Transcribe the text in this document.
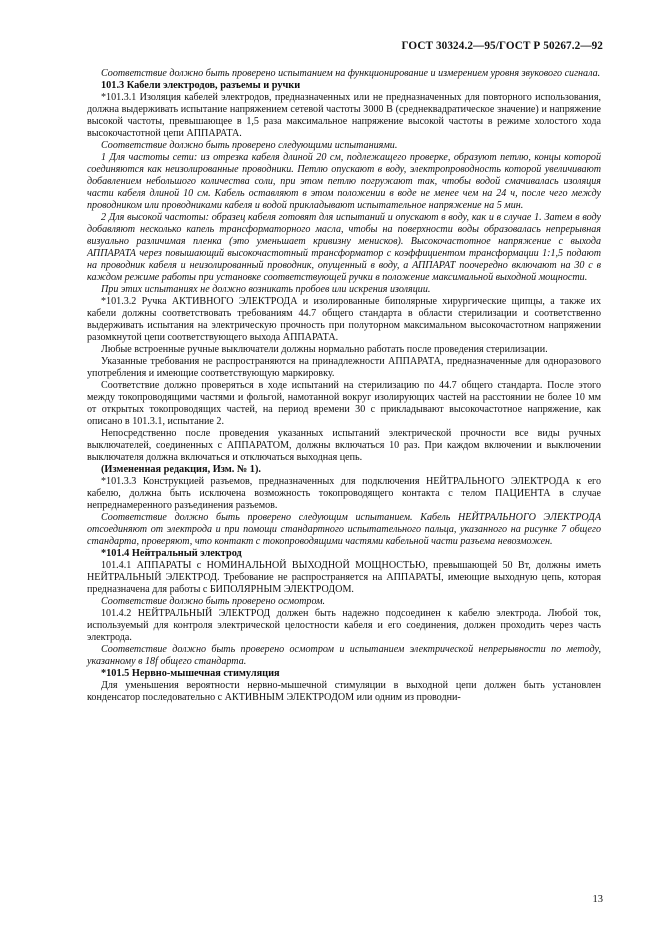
ГОСТ 30324.2—95/ГОСТ Р 50267.2—92

Соответствие должно быть проверено испытанием на функционирование и измерением уровня звукового сигнала.

101.3 Кабели электродов, разъемы и ручки

*101.3.1 Изоляция кабелей электродов, предназначенных или не предназначенных для повторного использования, должна выдерживать испытание напряжением сетевой частоты 3000 В (среднеквадратическое значение) и напряжение высокой частоты, превышающее в 1,5 раза максимальное напряжение высокой частоты в режиме холостого хода высокочастотной цепи АППАРАТА.

Соответствие должно быть проверено следующими испытаниями.

1 Для частоты сети: из отрезка кабеля длиной 20 см, подлежащего проверке, образуют петлю, концы которой соединяются как неизолированные проводники. Петлю опускают в воду, электропроводность которой увеличивают добавлением небольшого количества соли, при этом петлю погружают так, чтобы водой смачивалась изоляция части кабеля длиной 10 см. Кабель оставляют в этом положении в воде не менее чем на 24 ч, после чего между проводником или проводниками кабеля и водой прикладывают испытательное напряжение на 5 мин.

2 Для высокой частоты: образец кабеля готовят для испытаний и опускают в воду, как и в случае 1. Затем в воду добавляют несколько капель трансформаторного масла, чтобы на поверхности воды образовалась непрерывная визуально различимая пленка (это уменьшает кривизну менисков). Высокочастотное напряжение с выхода АППАРАТА через повышающий высокочастотный трансформатор с коэффициентом трансформации 1:1,5 подают на проводник кабеля и неизолированный проводник, опущенный в воду, а АППАРАТ поочередно включают на 30 с в каждом режиме работы при установке соответствующей ручки в положение максимальной выходной мощности.

При этих испытаниях не должно возникать пробоев или искрения изоляции.

*101.3.2 Ручка АКТИВНОГО ЭЛЕКТРОДА и изолированные биполярные хирургические щипцы, а также их кабели должны соответствовать требованиям 44.7 общего стандарта в области стерилизации и соответственно выдерживать испытания на электрическую прочность при полуторном максимальном высокочастотном напряжении разомкнутой цепи соответствующего выхода АППАРАТА.

Любые встроенные ручные выключатели должны нормально работать после проведения стерилизации.

Указанные требования не распространяются на принадлежности АППАРАТА, предназначенные для одноразового употребления и имеющие соответствующую маркировку.

Соответствие должно проверяться в ходе испытаний на стерилизацию по 44.7 общего стандарта. После этого между токопроводящими частями и фольгой, намотанной вокруг изолирующих частей на расстоянии не более 10 мм от открытых токопроводящих частей, на период времени 30 с прикладывают высокочастотное напряжение, как описано в 101.3.1, испытание 2.

Непосредственно после проведения указанных испытаний электрической прочности все виды ручных выключателей, соединенных с АППАРАТОМ, должны включаться 10 раз. При каждом включении и выключении выключателя должна включаться и отключаться выходная цепь.

(Измененная редакция, Изм. № 1).

*101.3.3 Конструкцией разъемов, предназначенных для подключения НЕЙТРАЛЬНОГО ЭЛЕКТРОДА к его кабелю, должна быть исключена возможность токопроводящего контакта с телом ПАЦИЕНТА в случае непреднамеренного разъединения разъемов.

Соответствие должно быть проверено следующим испытанием. Кабель НЕЙТРАЛЬНОГО ЭЛЕКТРОДА отсоединяют от электрода и при помощи стандартного испытательного пальца, указанного на рисунке 7 общего стандарта, проверяют, что контакт с токопроводящими частями кабельной части разъема невозможен.

*101.4 Нейтральный электрод

101.4.1 АППАРАТЫ с НОМИНАЛЬНОЙ ВЫХОДНОЙ МОЩНОСТЬЮ, превышающей 50 Вт, должны иметь НЕЙТРАЛЬНЫЙ ЭЛЕКТРОД. Требование не распространяется на АППАРАТЫ, имеющие выходную цепь, которая предназначена для работы с БИПОЛЯРНЫМ ЭЛЕКТРОДОМ.

Соответствие должно быть проверено осмотром.

101.4.2 НЕЙТРАЛЬНЫЙ ЭЛЕКТРОД должен быть надежно подсоединен к кабелю электрода. Любой ток, используемый для контроля электрической целостности кабеля и его соединения, должен проходить через часть электрода.

Соответствие должно быть проверено осмотром и испытанием электрической непрерывности по методу, указанному в 18f общего стандарта.

*101.5 Нервно-мышечная стимуляция

Для уменьшения вероятности нервно-мышечной стимуляции в выходной цепи должен быть установлен конденсатор последовательно с АКТИВНЫМ ЭЛЕКТРОДОМ или одним из проводни-

13
